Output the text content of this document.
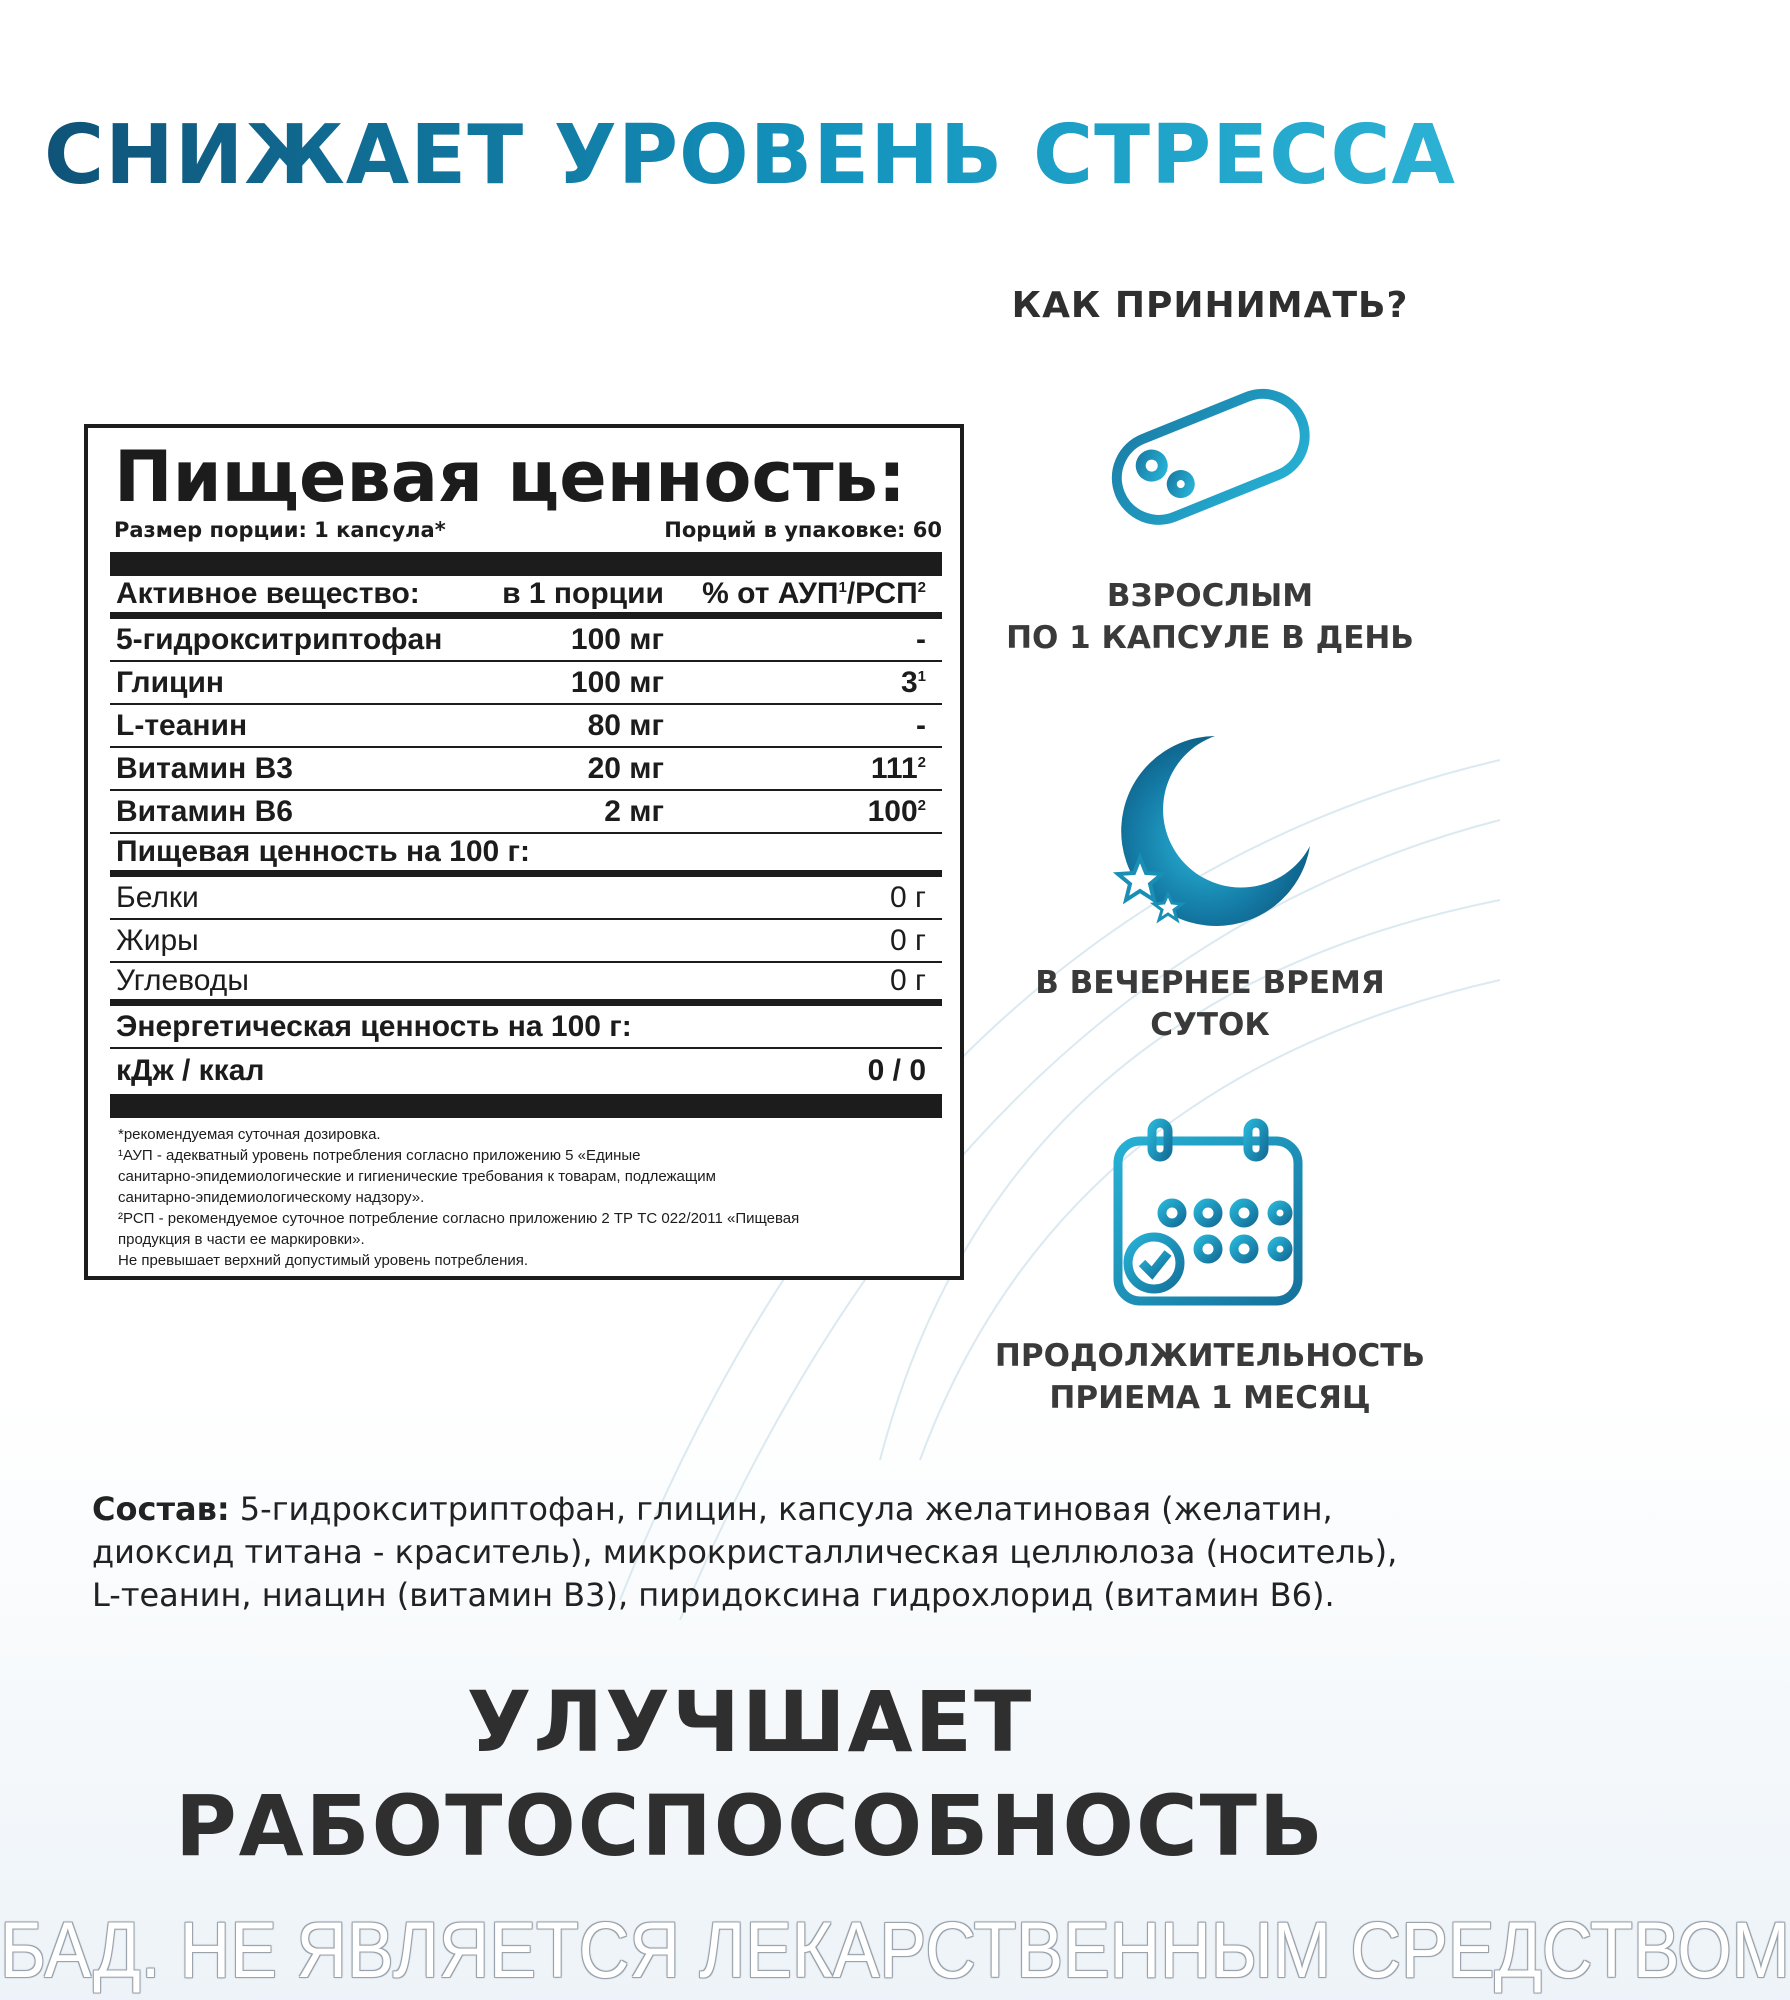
СНИЖАЕТ УРОВЕНЬ СТРЕССА
Пищевая ценность:
Размер порции: 1 капсула*	Порций в упаковке: 60
Активное вещество:	в 1 порции	% от АУП$^1$/РСП$^2$
5-гидрокситриптофан	100 мг	-
Глицин	100 мг	$3^1$
L-теанин	80 мг	-
Витамин В3	20 мг	$111^2$
Витамин В6	2 мг	$100^2$
Пищевая ценность на 100 г:
Белки	0 г
Жиры	0 г
Углеводы	0 г
Энергетическая ценность на 100 г:
кДж / ккал	0 / 0
*рекомендуемая суточная дозировка.
¹АУП - адекватный уровень потребления согласно приложению 5 «Единые
санитарно-эпидемиологические и гигиенические требования к товарам, подлежащим
санитарно-эпидемиологическому надзору».
²РСП - рекомендуемое суточное потребление согласно приложению 2 ТР ТС 022/2011 «Пищевая
продукция в части ее маркировки».
Не превышает верхний допустимый уровень потребления.
КАК ПРИНИМАТЬ?
ВЗРОСЛЫМ
ПО 1 КАПСУЛЕ В ДЕНЬ
В ВЕЧЕРНЕЕ ВРЕМЯ
СУТОК
ПРОДОЛЖИТЕЛЬНОСТЬ
ПРИЕМА 1 МЕСЯЦ
Состав: 5-гидрокситриптофан, глицин, капсула желатиновая (желатин,
диоксид титана - краситель), микрокристаллическая целлюлоза (носитель),
L-теанин, ниацин (витамин В3), пиридоксина гидрохлорид (витамин В6).
УЛУЧШАЕТ
РАБОТОСПОСОБНОСТЬ
БАД. НЕ ЯВЛЯЕТСЯ ЛЕКАРСТВЕННЫМ СРЕДСТВОМ
